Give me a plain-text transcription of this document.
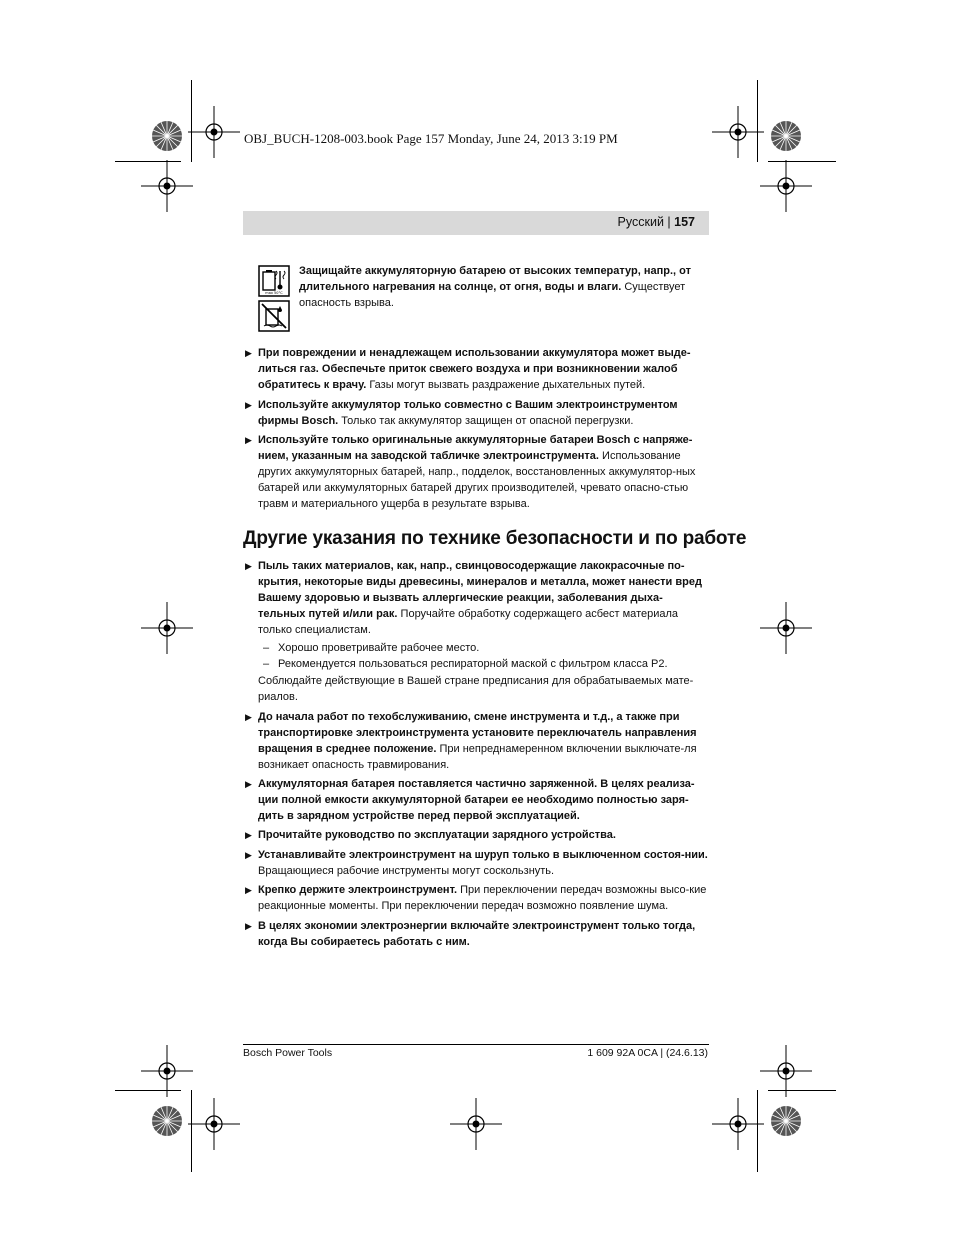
OBJ_BUCH-1208-003.book Page 157 Monday, June 24, 2013 3:19 PM
Русский | 157
max 50°C
Защищайте аккумуляторную батарею от высоких температур, напр., от длительного нагревания на солнце, от огня, воды и влаги. Существует опасность взрыва.
▶ При повреждении и ненадлежащем использовании аккумулятора может выде-литься газ. Обеспечьте приток свежего воздуха и при возникновении жалоб обратитесь к врачу. Газы могут вызвать раздражение дыхательных путей.
▶ Используйте аккумулятор только совместно с Вашим электроинструментом фирмы Bosch. Только так аккумулятор защищен от опасной перегрузки.
▶ Используйте только оригинальные аккумуляторные батареи Bosch с напряже-нием, указанным на заводской табличке электроинструмента. Использование других аккумуляторных батарей, напр., подделок, восстановленных аккумулятор-ных батарей или аккумуляторных батарей других производителей, чревато опасно-стью травм и материального ущерба в результате взрыва.
Другие указания по технике безопасности и по работе
▶ Пыль таких материалов, как, напр., свинцовосодержащие лакокрасочные по-крытия, некоторые виды древесины, минералов и металла, может нанести вред Вашему здоровью и вызвать аллергические реакции, заболевания дыха-тельных путей и/или рак. Поручайте обработку содержащего асбест материала только специалистам.
– Хорошо проветривайте рабочее место.
– Рекомендуется пользоваться респираторной маской с фильтром класса P2.
Соблюдайте действующие в Вашей стране предписания для обрабатываемых мате-риалов.
▶ До начала работ по техобслуживанию, смене инструмента и т.д., а также при транспортировке электроинструмента установите переключатель направления вращения в среднее положение. При непреднамеренном включении выключате-ля возникает опасность травмирования.
▶ Аккумуляторная батарея поставляется частично заряженной. В целях реализа-ции полной емкости аккумуляторной батареи ее необходимо полностью заря-дить в зарядном устройстве перед первой эксплуатацией.
▶ Прочитайте руководство по эксплуатации зарядного устройства.
▶ Устанавливайте электроинструмент на шуруп только в выключенном состоя-нии. Вращающиеся рабочие инструменты могут соскользнуть.
▶ Крепко держите электроинструмент. При переключении передач возможны высо-кие реакционные моменты. При переключении передач возможно появление шума.
▶ В целях экономии электроэнергии включайте электроинструмент только тогда, когда Вы собираетесь работать с ним.
Bosch Power Tools	1 609 92A 0CA | (24.6.13)
